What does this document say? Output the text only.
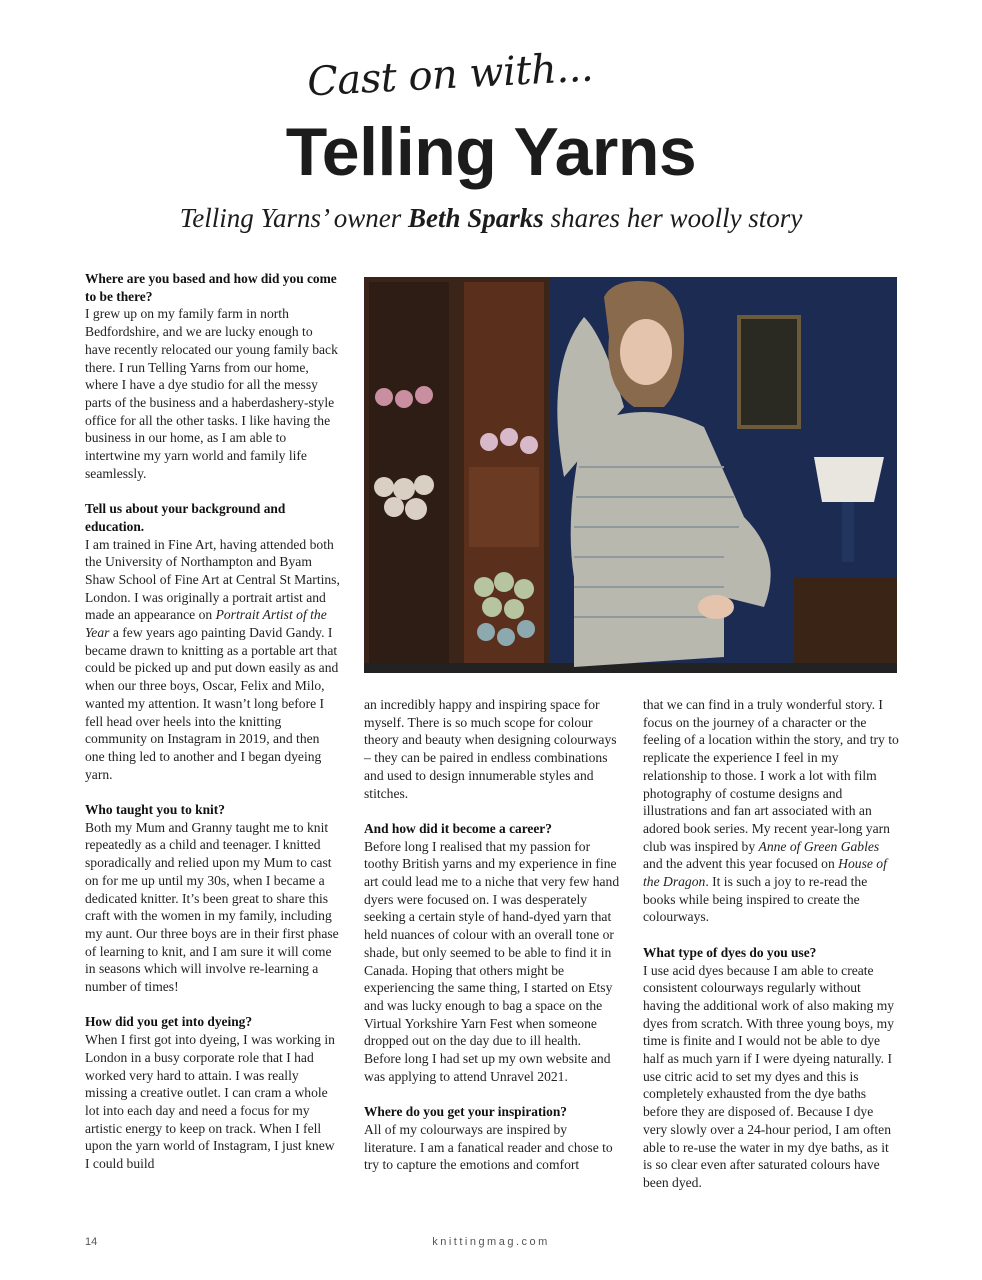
Cast on with...
Telling Yarns
Telling Yarns’ owner Beth Sparks shares her woolly story

Where are you based and how did you come to be there?

I grew up on my family farm in north Bedfordshire, and we are lucky enough to have recently relocated our young family back there. I run Telling Yarns from our home, where I have a dye studio for all the messy parts of the business and a haberdashery-style office for all the other tasks. I like having the business in our home, as I am able to intertwine my yarn world and family life seamlessly.

Tell us about your background and education.

I am trained in Fine Art, having attended both the University of Northampton and Byam Shaw School of Fine Art at Central St Martins, London. I was originally a portrait artist and made an appearance on Portrait Artist of the Year a few years ago painting David Gandy. I became drawn to knitting as a portable art that could be picked up and put down easily as and when our three boys, Oscar, Felix and Milo, wanted my attention. It wasn’t long before I fell head over heels into the knitting community on Instagram in 2019, and then one thing led to another and I began dyeing yarn.

Who taught you to knit?

Both my Mum and Granny taught me to knit repeatedly as a child and teenager. I knitted sporadically and relied upon my Mum to cast on for me up until my 30s, when I became a dedicated knitter. It’s been great to share this craft with the women in my family, including my aunt. Our three boys are in their first phase of learning to knit, and I am sure it will come in seasons which will involve re-learning a number of times!

How did you get into dyeing?

When I first got into dyeing, I was working in London in a busy corporate role that I had worked very hard to attain. I was really missing a creative outlet. I can cram a whole lot into each day and need a focus for my artistic energy to keep on track. When I fell upon the yarn world of Instagram, I just knew I could build

an incredibly happy and inspiring space for myself. There is so much scope for colour theory and beauty when designing colourways – they can be paired in endless combinations and used to design innumerable styles and stitches.

And how did it become a career?

Before long I realised that my passion for toothy British yarns and my experience in fine art could lead me to a niche that very few hand dyers were focused on. I was desperately seeking a certain style of hand-dyed yarn that held nuances of colour with an overall tone or shade, but only seemed to be able to find it in Canada. Hoping that others might be experiencing the same thing, I started on Etsy and was lucky enough to bag a space on the Virtual Yorkshire Yarn Fest when someone dropped out on the day due to ill health. Before long I had set up my own website and was applying to attend Unravel 2021.

Where do you get your inspiration?

All of my colourways are inspired by literature. I am a fanatical reader and chose to try to capture the emotions and comfort

that we can find in a truly wonderful story. I focus on the journey of a character or the feeling of a location within the story, and try to replicate the experience I feel in my relationship to those. I work a lot with film photography of costume designs and illustrations and fan art associated with an adored book series. My recent year-long yarn club was inspired by Anne of Green Gables and the advent this year focused on House of the Dragon. It is such a joy to re-read the books while being inspired to create the colourways.

What type of dyes do you use?

I use acid dyes because I am able to create consistent colourways regularly without having the additional work of also making my dyes from scratch. With three young boys, my time is finite and I would not be able to dye half as much yarn if I were dyeing naturally. I use citric acid to set my dyes and this is completely exhausted from the dye baths before they are disposed of. Because I dye very slowly over a 24-hour period, I am often able to re-use the water in my dye baths, as it is so clear even after saturated colours have been dyed.

14	knittingmag.com
